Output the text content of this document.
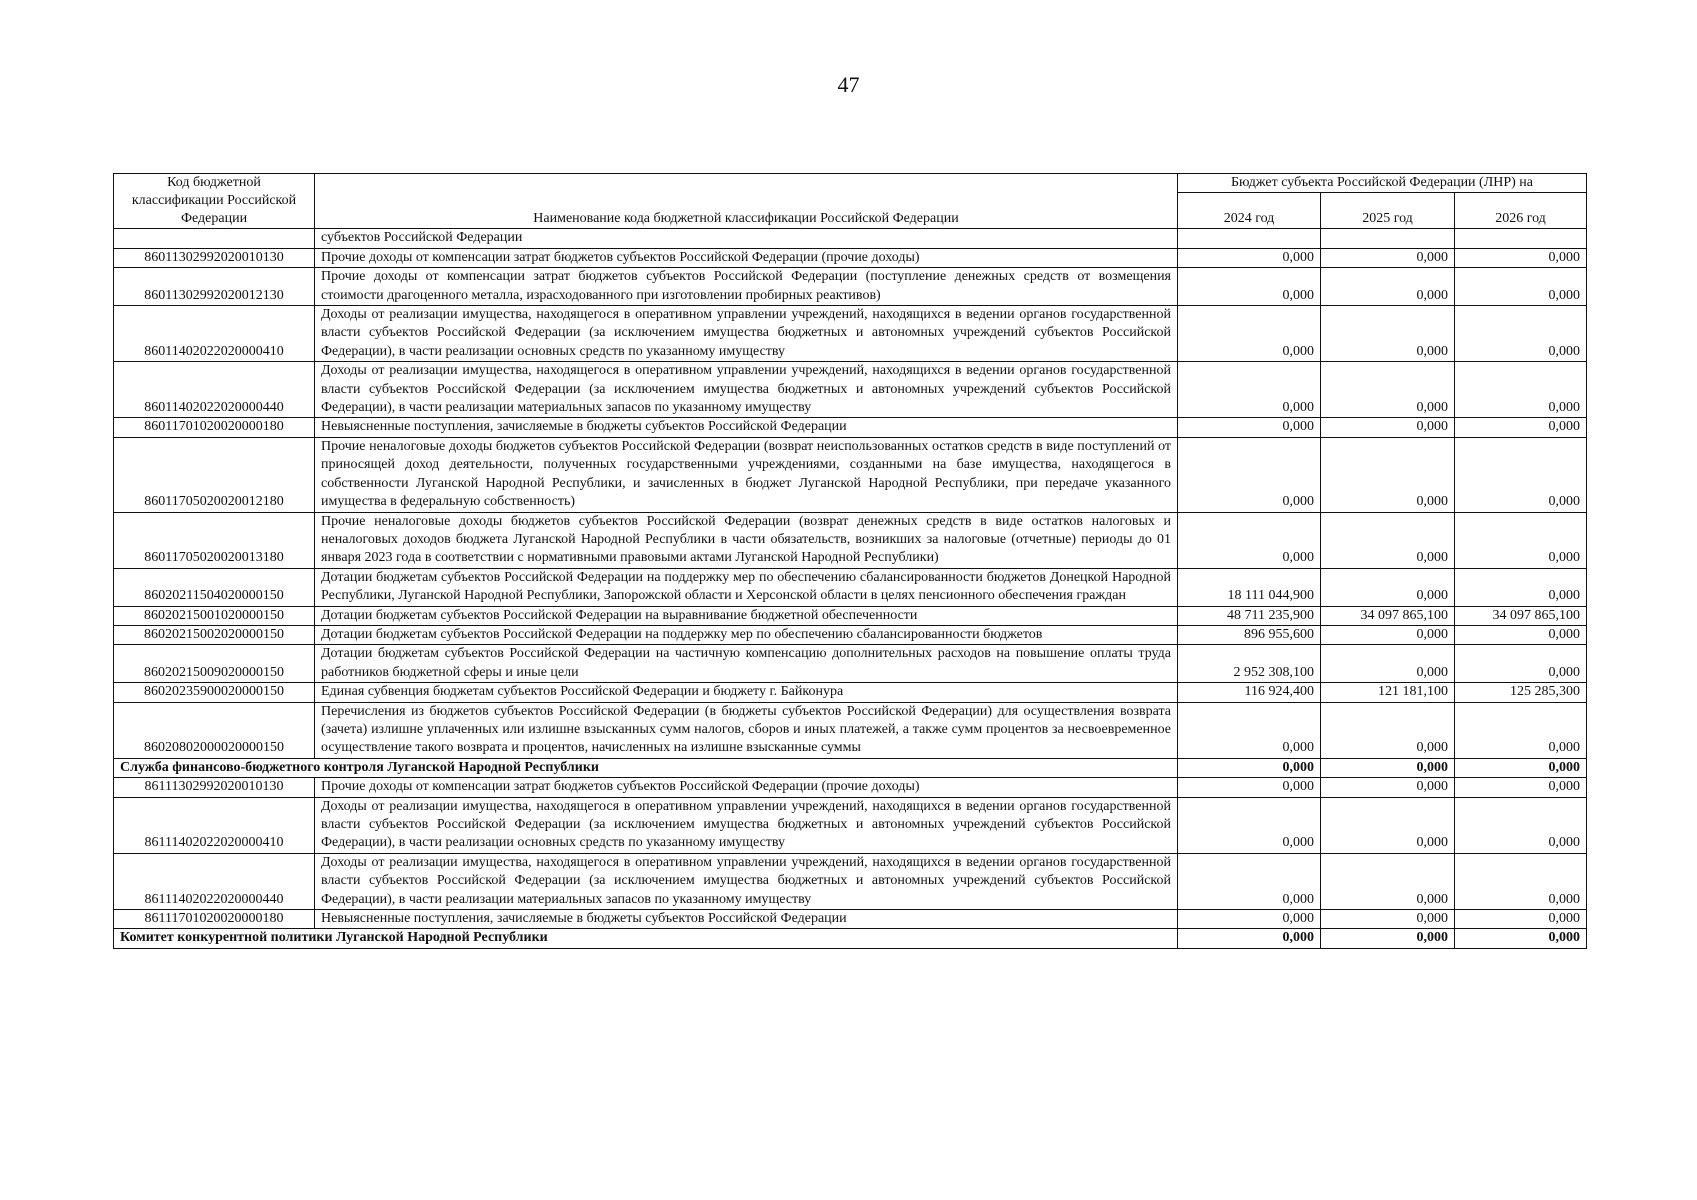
47
Код бюджетной классификации Российской Федерации	Наименование кода бюджетной классификации Российской Федерации	Бюджет субъекта Российской Федерации (ЛНР) на		
		2024 год	2025 год	2026 год
	субъектов Российской Федерации			
86011302992020010130	Прочие доходы от компенсации затрат бюджетов субъектов Российской Федерации (прочие доходы)	0,000	0,000	0,000
86011302992020012130	Прочие доходы от компенсации затрат бюджетов субъектов Российской Федерации (поступление денежных средств от возмещения стоимости драгоценного металла, израсходованного при изготовлении пробирных реактивов)	0,000	0,000	0,000
86011402022020000410	Доходы от реализации имущества, находящегося в оперативном управлении учреждений, находящихся в ведении органов государственной власти субъектов Российской Федерации (за исключением имущества бюджетных и автономных учреждений субъектов Российской Федерации), в части реализации основных средств по указанному имуществу	0,000	0,000	0,000
86011402022020000440	Доходы от реализации имущества, находящегося в оперативном управлении учреждений, находящихся в ведении органов государственной власти субъектов Российской Федерации (за исключением имущества бюджетных и автономных учреждений субъектов Российской Федерации), в части реализации материальных запасов по указанному имуществу	0,000	0,000	0,000
86011701020020000180	Невыясненные поступления, зачисляемые в бюджеты субъектов Российской Федерации	0,000	0,000	0,000
86011705020020012180	Прочие неналоговые доходы бюджетов субъектов Российской Федерации (возврат неиспользованных остатков средств в виде поступлений от приносящей доход деятельности, полученных государственными учреждениями, созданными на базе имущества, находящегося в собственности Луганской Народной Республики, и зачисленных в бюджет Луганской Народной Республики, при передаче указанного имущества в федеральную собственность)	0,000	0,000	0,000
86011705020020013180	Прочие неналоговые доходы бюджетов субъектов Российской Федерации (возврат денежных средств в виде остатков налоговых и неналоговых доходов бюджета Луганской Народной Республики в части обязательств, возникших за налоговые (отчетные) периоды до 01 января 2023 года в соответствии с нормативными правовыми актами Луганской Народной Республики)	0,000	0,000	0,000
86020211504020000150	Дотации бюджетам субъектов Российской Федерации на поддержку мер по обеспечению сбалансированности бюджетов Донецкой Народной Республики, Луганской Народной Республики, Запорожской области и Херсонской области в целях пенсионного обеспечения граждан	18 111 044,900	0,000	0,000
86020215001020000150	Дотации бюджетам субъектов Российской Федерации на выравнивание бюджетной обеспеченности	48 711 235,900	34 097 865,100	34 097 865,100
86020215002020000150	Дотации бюджетам субъектов Российской Федерации на поддержку мер по обеспечению сбалансированности бюджетов	896 955,600	0,000	0,000
86020215009020000150	Дотации бюджетам субъектов Российской Федерации на частичную компенсацию дополнительных расходов на повышение оплаты труда работников бюджетной сферы и иные цели	2 952 308,100	0,000	0,000
86020235900020000150	Единая субвенция бюджетам субъектов Российской Федерации и бюджету г. Байконура	116 924,400	121 181,100	125 285,300
86020802000020000150	Перечисления из бюджетов субъектов Российской Федерации (в бюджеты субъектов Российской Федерации) для осуществления возврата (зачета) излишне уплаченных или излишне взысканных сумм налогов, сборов и иных платежей, а также сумм процентов за несвоевременное осуществление такого возврата и процентов, начисленных на излишне взысканные суммы	0,000	0,000	0,000
Служба финансово-бюджетного контроля Луганской Народной Республики		0,000	0,000	0,000
86111302992020010130	Прочие доходы от компенсации затрат бюджетов субъектов Российской Федерации (прочие доходы)	0,000	0,000	0,000
86111402022020000410	Доходы от реализации имущества, находящегося в оперативном управлении учреждений, находящихся в ведении органов государственной власти субъектов Российской Федерации (за исключением имущества бюджетных и автономных учреждений субъектов Российской Федерации), в части реализации основных средств по указанному имуществу	0,000	0,000	0,000
86111402022020000440	Доходы от реализации имущества, находящегося в оперативном управлении учреждений, находящихся в ведении органов государственной власти субъектов Российской Федерации (за исключением имущества бюджетных и автономных учреждений субъектов Российской Федерации), в части реализации материальных запасов по указанному имуществу	0,000	0,000	0,000
86111701020020000180	Невыясненные поступления, зачисляемые в бюджеты субъектов Российской Федерации	0,000	0,000	0,000
Комитет конкурентной политики Луганской Народной Республики		0,000	0,000	0,000
